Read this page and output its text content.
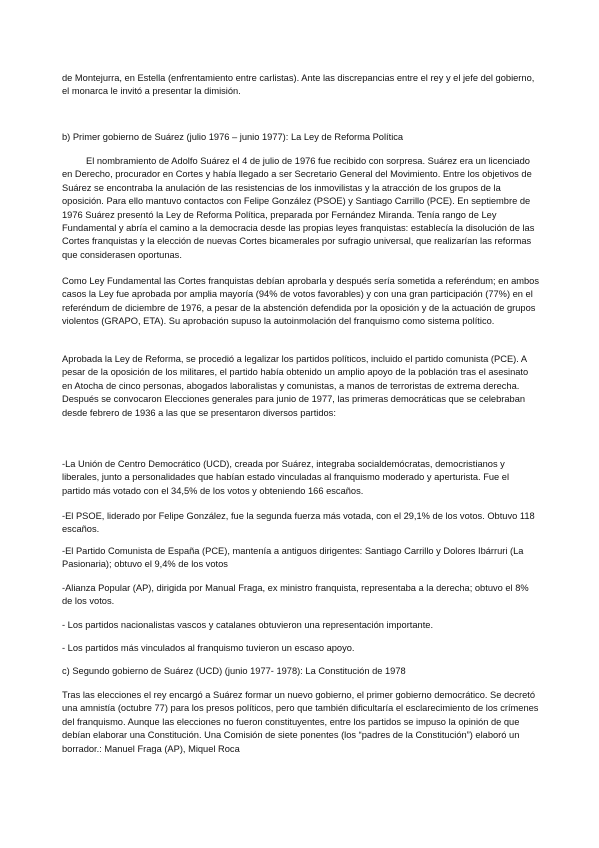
de Montejurra, en Estella (enfrentamiento entre carlistas). Ante las discrepancias entre el rey y el jefe del gobierno, el monarca le invitó a presentar la dimisión.

b) Primer gobierno de Suárez (julio 1976 – junio 1977): La Ley de Reforma Política

El nombramiento de Adolfo Suárez el 4 de julio de 1976 fue recibido con sorpresa. Suárez era un licenciado en Derecho, procurador en Cortes y había llegado a ser Secretario General del Movimiento. Entre los objetivos de Suárez se encontraba la anulación de las resistencias de los inmovilistas y la atracción de los grupos de la oposición. Para ello mantuvo contactos con Felipe González (PSOE) y Santiago Carrillo (PCE). En septiembre de 1976 Suárez presentó la Ley de Reforma Política, preparada por Fernández Miranda. Tenía rango de Ley Fundamental y abría el camino a la democracia desde las propias leyes franquistas: establecía la disolución de las Cortes franquistas y la elección de nuevas Cortes bicamerales por sufragio universal, que realizarían las reformas que considerasen oportunas.

Como Ley Fundamental las Cortes franquistas debían aprobarla y después sería sometida a referéndum; en ambos casos la Ley fue aprobada por amplia mayoría (94% de votos favorables) y con una gran participación (77%) en el referéndum de diciembre de 1976, a pesar de la abstención defendida por la oposición y de la actuación de grupos violentos (GRAPO, ETA). Su aprobación supuso la autoinmolación del franquismo como sistema político.

Aprobada la Ley de Reforma, se procedió a legalizar los partidos políticos, incluido el partido comunista (PCE). A pesar de la oposición de los militares, el partido había obtenido un amplio apoyo de la población tras el asesinato en Atocha de cinco personas, abogados laboralistas y comunistas, a manos de terroristas de extrema derecha. Después se convocaron Elecciones generales para junio de 1977, las primeras democráticas que se celebraban desde febrero de 1936 a las que se presentaron diversos partidos:

-La Unión de Centro Democrático (UCD), creada por Suárez, integraba socialdemócratas, democristianos y liberales, junto a personalidades que habían estado vinculadas al franquismo moderado y aperturista. Fue el partido más votado con el 34,5% de los votos y obteniendo 166 escaños.

-El PSOE, liderado por Felipe González, fue la segunda fuerza más votada, con el 29,1% de los votos. Obtuvo 118 escaños.

-El Partido Comunista de España (PCE), mantenía a antiguos dirigentes: Santiago Carrillo y Dolores Ibárruri (La Pasionaria); obtuvo el 9,4% de los votos

-Alianza Popular (AP), dirigida por Manual Fraga, ex ministro franquista, representaba a la derecha; obtuvo el 8% de los votos.

- Los partidos nacionalistas vascos y catalanes obtuvieron una representación importante.

- Los partidos más vinculados al franquismo tuvieron un escaso apoyo.

c) Segundo gobierno de Suárez (UCD) (junio 1977- 1978): La Constitución de 1978

Tras las elecciones el rey encargó a Suárez formar un nuevo gobierno, el primer gobierno democrático. Se decretó una amnistía (octubre 77) para los presos políticos, pero que también dificultaría el esclarecimiento de los crímenes del franquismo. Aunque las elecciones no fueron constituyentes, entre los partidos se impuso la opinión de que debían elaborar una Constitución. Una Comisión de siete ponentes (los “padres de la Constitución”) elaboró un borrador.: Manuel Fraga (AP), Miquel Roca
